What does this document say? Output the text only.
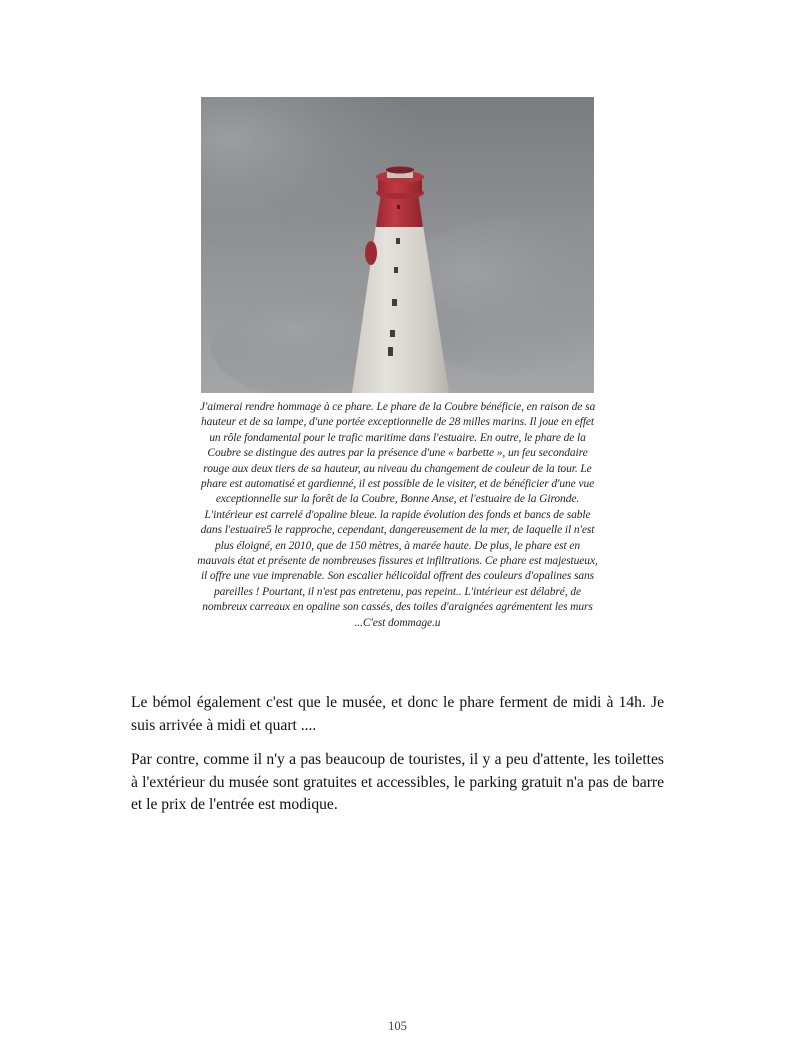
J'aimerai rendre hommage à ce phare. Le phare de la Coubre bénéficie, en raison de sa hauteur et de sa lampe, d'une portée exceptionnelle de 28 milles marins. Il joue en effet un rôle fondamental pour le trafic maritime dans l'estuaire. En outre, le phare de la Coubre se distingue des autres par la présence d'une « barbette », un feu secondaire rouge aux deux tiers de sa hauteur, au niveau du changement de couleur de la tour. Le phare est automatisé et gardienné, il est possible de le visiter, et de bénéficier d'une vue exceptionnelle sur la forêt de la Coubre, Bonne Anse, et l'estuaire de la Gironde. L'intérieur est carrelé d'opaline bleue. la rapide évolution des fonds et bancs de sable dans l'estuaire5 le rapproche, cependant, dangereusement de la mer, de laquelle il n'est plus éloigné, en 2010, que de 150 mètres, à marée haute. De plus, le phare est en mauvais état et présente de nombreuses fissures et infiltrations. Ce phare est majestueux, il offre une vue imprenable. Son escalier hélicoïdal offrent des couleurs d'opalines sans pareilles ! Pourtant, il n'est pas entretenu, pas repeint.. L'intérieur est délabré, de nombreux carreaux en opaline son cassés, des toiles d'araignées agrémentent les murs ...C'est dommage.u

Le bémol également c'est que le musée, et donc le phare ferment de midi à 14h. Je suis arrivée à midi et quart ....

Par contre, comme il n'y a pas beaucoup de touristes, il y a peu d'attente, les toilettes à l'extérieur du musée sont gratuites et accessibles, le parking gratuit n'a pas de barre et le prix de l'entrée est modique.

105
